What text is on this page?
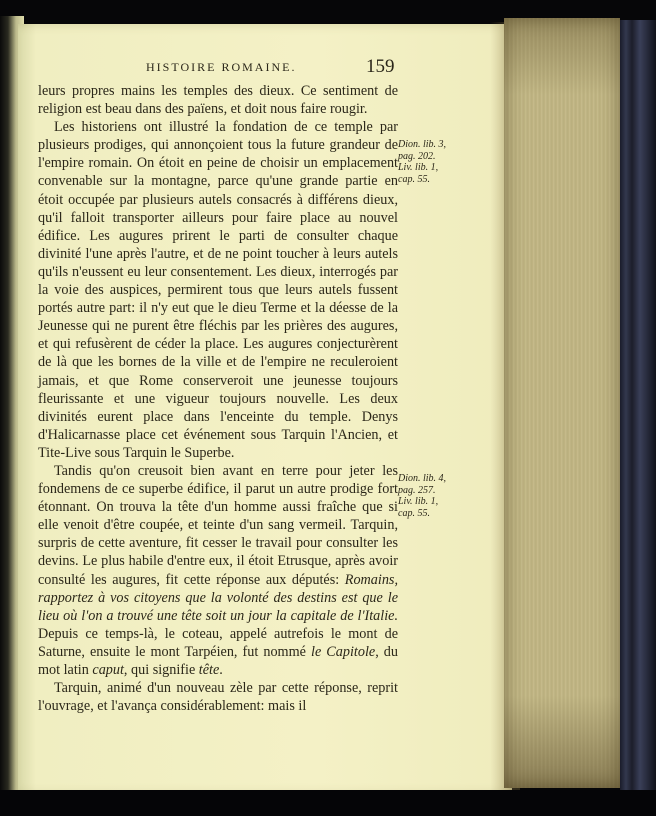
HISTOIRE ROMAINE.	159

leurs propres mains les temples des dieux. Ce sentiment de religion est beau dans des païens, et doit nous faire rougir.

Les historiens ont illustré la fondation de ce temple par plusieurs prodiges, qui annonçoient tous la future grandeur de l'empire romain. On étoit en peine de choisir un emplacement convenable sur la montagne, parce qu'une grande partie en étoit occupée par plusieurs autels consacrés à différens dieux, qu'il falloit transporter ailleurs pour faire place au nouvel édifice. Les augures prirent le parti de consulter chaque divinité l'une après l'autre, et de ne point toucher à leurs autels qu'ils n'eussent eu leur consentement. Les dieux, interrogés par la voie des auspices, permirent tous que leurs autels fussent portés autre part: il n'y eut que le dieu Terme et la déesse de la Jeunesse qui ne purent être fléchis par les prières des augures, et qui refusèrent de céder la place. Les augures conjecturèrent de là que les bornes de la ville et de l'empire ne reculeroient jamais, et que Rome conserveroit une jeunesse toujours fleurissante et une vigueur toujours nouvelle. Les deux divinités eurent place dans l'enceinte du temple. Denys d'Halicarnasse place cet événement sous Tarquin l'Ancien, et Tite-Live sous Tarquin le Superbe.

Tandis qu'on creusoit bien avant en terre pour jeter les fondemens de ce superbe édifice, il parut un autre prodige fort étonnant. On trouva la tête d'un homme aussi fraîche que si elle venoit d'être coupée, et teinte d'un sang vermeil. Tarquin, surpris de cette aventure, fit cesser le travail pour consulter les devins. Le plus habile d'entre eux, il étoit Etrusque, après avoir consulté les augures, fit cette réponse aux députés: Romains, rapportez à vos citoyens que la volonté des destins est que le lieu où l'on a trouvé une tête soit un jour la capitale de l'Italie. Depuis ce temps-là, le coteau, appelé autrefois le mont de Saturne, ensuite le mont Tarpéien, fut nommé le Capitole, du mot latin caput, qui signifie tête.

Tarquin, animé d'un nouveau zèle par cette réponse, reprit l'ouvrage, et l'avança considérablement: mais il

Dion. lib. 3,
pag. 202.
Liv. lib. 1,
cap. 55.
Dion. lib. 4,
pag. 257.
Liv. lib. 1,
cap. 55.
